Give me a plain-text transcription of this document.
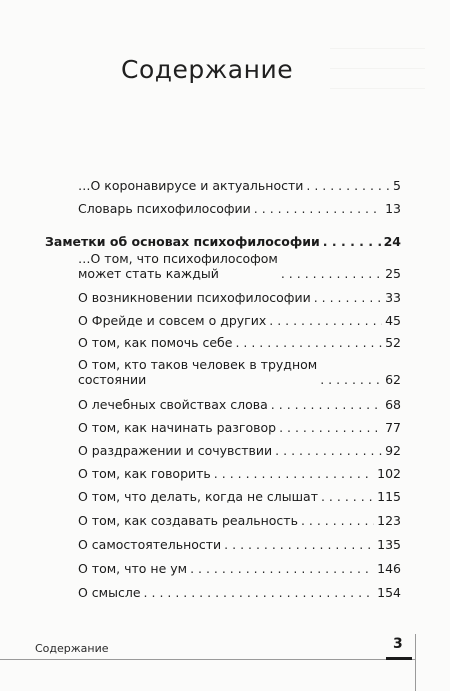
Содержание
…О коронавирусе и актуальности . . .	5
Словарь психофилософии . . .	13
Заметки об основах психофилософии . . .	24
…О том, что психофилософом
может стать каждый . . .	25
О возникновении психофилософии . . .	33
О Фрейде и совсем о других . . .	45
О том, как помочь себе . . .	52
О том, кто таков человек в трудном
состоянии . . .	62
О лечебных свойствах слова . . .	68
О том, как начинать разговор . . .	77
О раздражении и сочувствии . . .	92
О том, как говорить . . .	102
О том, что делать, когда не слышат . . .	115
О том, как создавать реальность . . .	123
О самостоятельности . . .	135
О том, что не ум . . .	146
О смысле . . .	154
Содержание	3
